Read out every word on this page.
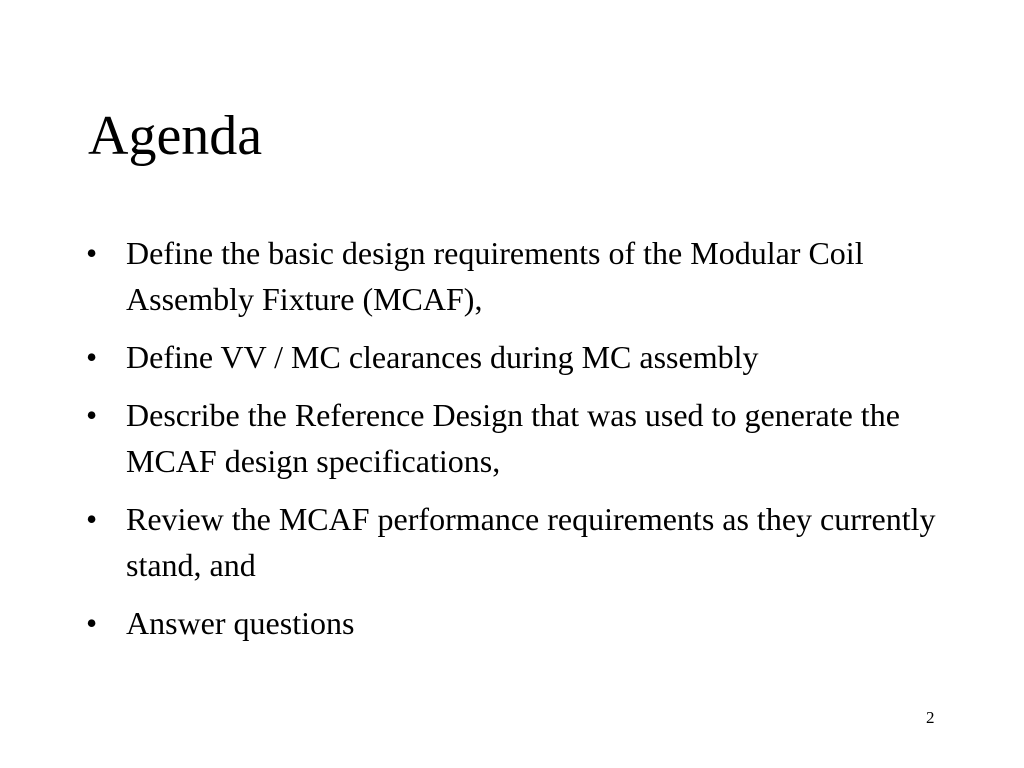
Agenda
• Define the basic design requirements of the Modular Coil Assembly Fixture (MCAF),
• Define VV / MC clearances during MC assembly
• Describe the Reference Design that was used to generate the MCAF design specifications,
• Review the MCAF performance requirements as they currently stand, and
• Answer questions
2
